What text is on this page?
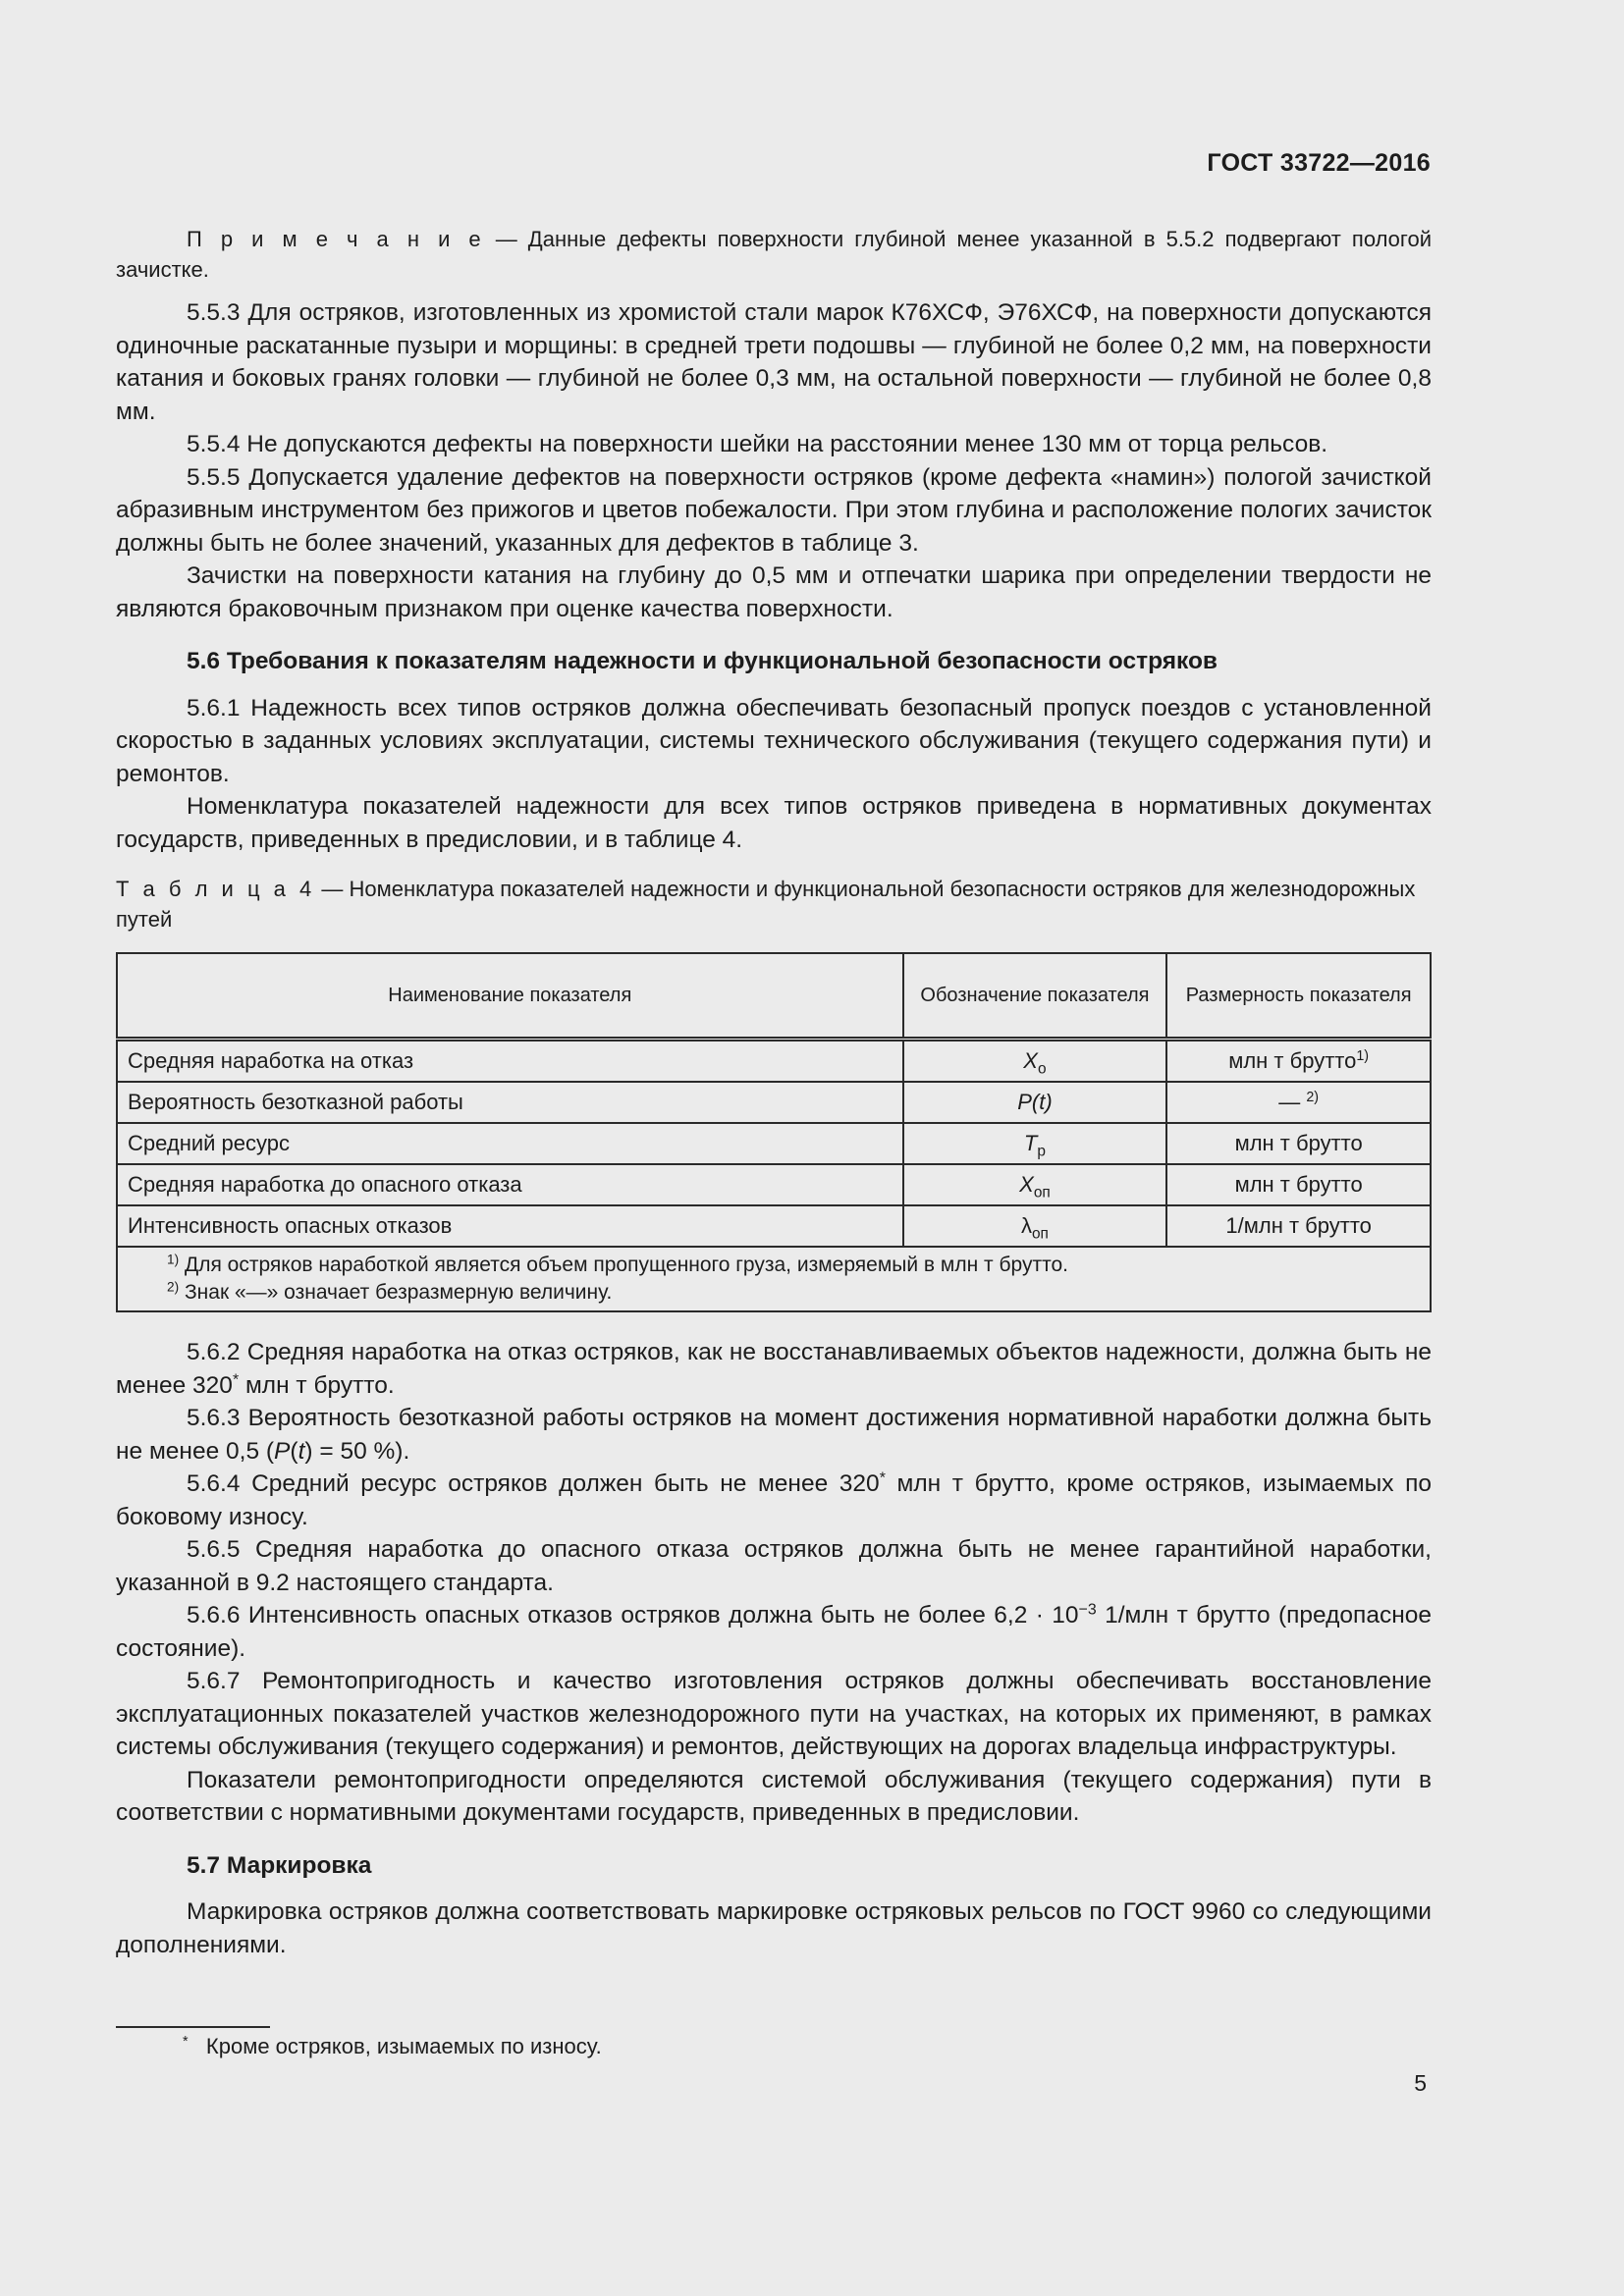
ГОСТ 33722—2016

П р и м е ч а н и е — Данные дефекты поверхности глубиной менее указанной в 5.5.2 подвергают пологой зачистке.

5.5.3 Для остряков, изготовленных из хромистой стали марок К76ХСФ, Э76ХСФ, на поверхности допускаются одиночные раскатанные пузыри и морщины: в средней трети подошвы — глубиной не более 0,2 мм, на поверхности катания и боковых гранях головки — глубиной не более 0,3 мм, на остальной поверхности — глубиной не более 0,8 мм.

5.5.4 Не допускаются дефекты на поверхности шейки на расстоянии менее 130 мм от торца рельсов.

5.5.5 Допускается удаление дефектов на поверхности остряков (кроме дефекта «намин») пологой зачисткой абразивным инструментом без прижогов и цветов побежалости. При этом глубина и расположение пологих зачисток должны быть не более значений, указанных для дефектов в таблице 3.

Зачистки на поверхности катания на глубину до 0,5 мм и отпечатки шарика при определении твердости не являются браковочным признаком при оценке качества поверхности.

5.6 Требования к показателям надежности и функциональной безопасности остряков

5.6.1 Надежность всех типов остряков должна обеспечивать безопасный пропуск поездов с установленной скоростью в заданных условиях эксплуатации, системы технического обслуживания (текущего содержания пути) и ремонтов.

Номенклатура показателей надежности для всех типов остряков приведена в нормативных документах государств, приведенных в предисловии, и в таблице 4.

Т а б л и ц а 4 — Номенклатура показателей надежности и функциональной безопасности остряков для железнодорожных путей

Наименование показателя	Обозначение показателя	Размерность показателя
Средняя наработка на отказ	$X_о$	млн т брутто$^{1)}$
Вероятность безотказной работы	P(t)	— $^{2)}$
Средний ресурс	$T_р$	млн т брутто
Средняя наработка до опасного отказа	$X_{оп}$	млн т брутто
Интенсивность опасных отказов	$\lambda_{оп}$	1/млн т брутто

$^{1)}$ Для остряков наработкой является объем пропущенного груза, измеряемый в млн т брутто.
$^{2)}$ Знак «—» означает безразмерную величину.		

5.6.2 Средняя наработка на отказ остряков, как не восстанавливаемых объектов надежности, должна быть не менее 320* млн т брутто.

5.6.3 Вероятность безотказной работы остряков на момент достижения нормативной наработки должна быть не менее 0,5 (P(t) = 50 %).

5.6.4 Средний ресурс остряков должен быть не менее 320* млн т брутто, кроме остряков, изымаемых по боковому износу.

5.6.5 Средняя наработка до опасного отказа остряков должна быть не менее гарантийной наработки, указанной в 9.2 настоящего стандарта.

5.6.6 Интенсивность опасных отказов остряков должна быть не более $6,2 \cdot 10^{-3}$ 1/млн т брутто (предопасное состояние).

5.6.7 Ремонтопригодность и качество изготовления остряков должны обеспечивать восстановление эксплуатационных показателей участков железнодорожного пути на участках, на которых их применяют, в рамках системы обслуживания (текущего содержания) и ремонтов, действующих на дорогах владельца инфраструктуры.

Показатели ремонтопригодности определяются системой обслуживания (текущего содержания) пути в соответствии с нормативными документами государств, приведенных в предисловии.

5.7 Маркировка

Маркировка остряков должна соответствовать маркировке остряковых рельсов по ГОСТ 9960 со следующими дополнениями.

* Кроме остряков, изымаемых по износу.
5
